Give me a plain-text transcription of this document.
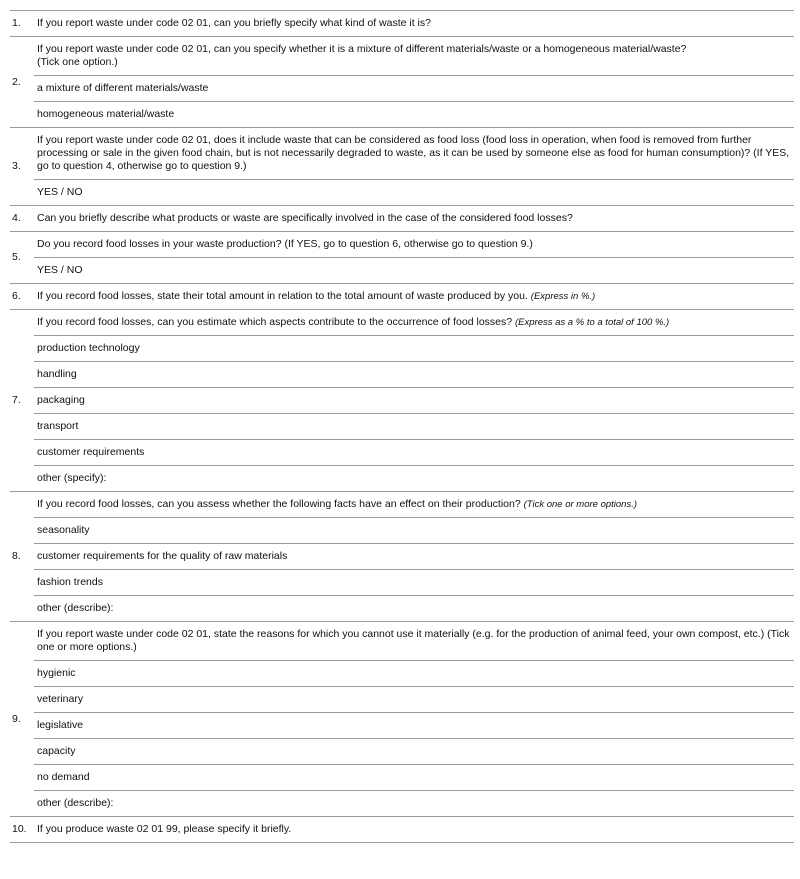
1.	If you report waste under code 02 01, can you briefly specify what kind of waste it is?
2.	If you report waste under code 02 01, can you specify whether it is a mixture of different materials/waste or a homogeneous material/waste?
(Tick one option.)

	a mixture of different materials/waste
	homogeneous material/waste
3.	If you report waste under code 02 01, does it include waste that can be considered as food loss (food loss in operation, when food is removed from further processing or sale in the given food chain, but is not necessarily degraded to waste, as it can be used by someone else as food for human consumption)? (If YES, go to question 4, otherwise go to question 9.)
	YES / NO
4.	Can you briefly describe what products or waste are specifically involved in the case of the considered food losses?
5.	Do you record food losses in your waste production? (If YES, go to question 6, otherwise go to question 9.)
	YES / NO
6.	If you record food losses, state their total amount in relation to the total amount of waste produced by you. (Express in %.)
7.	If you record food losses, can you estimate which aspects contribute to the occurrence of food losses? (Express as a % to a total of 100 %.)
	production technology
	handling
	packaging
	transport
	customer requirements
	other (specify):
8.	If you record food losses, can you assess whether the following facts have an effect on their production? (Tick one or more options.)
	seasonality
	customer requirements for the quality of raw materials
	fashion trends
	other (describe):
9.	If you report waste under code 02 01, state the reasons for which you cannot use it materially (e.g. for the production of animal feed, your own compost, etc.) (Tick one or more options.)
	hygienic
	veterinary
	legislative
	capacity
	no demand
	other (describe):
10.	If you produce waste 02 01 99, please specify it briefly.
